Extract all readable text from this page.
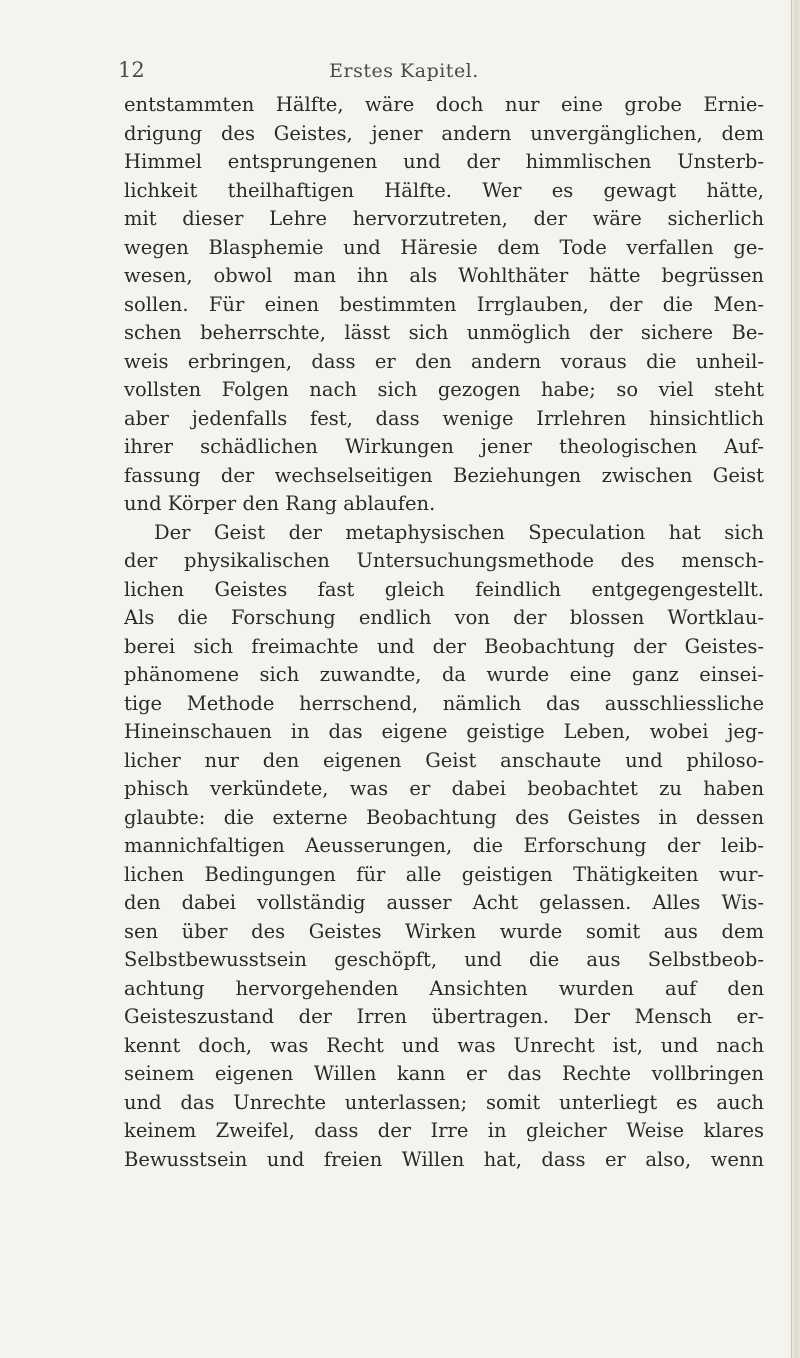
12	Erstes Kapitel.
entstammten Hälfte, wäre doch nur eine grobe Ernie-
drigung des Geistes, jener andern unvergänglichen, dem
Himmel entsprungenen und der himmlischen Unsterb-
lichkeit theilhaftigen Hälfte. Wer es gewagt hätte,
mit dieser Lehre hervorzutreten, der wäre sicherlich
wegen Blasphemie und Häresie dem Tode verfallen ge-
wesen, obwol man ihn als Wohlthäter hätte begrüssen
sollen. Für einen bestimmten Irrglauben, der die Men-
schen beherrschte, lässt sich unmöglich der sichere Be-
weis erbringen, dass er den andern voraus die unheil-
vollsten Folgen nach sich gezogen habe; so viel steht
aber jedenfalls fest, dass wenige Irrlehren hinsichtlich
ihrer schädlichen Wirkungen jener theologischen Auf-
fassung der wechselseitigen Beziehungen zwischen Geist
und Körper den Rang ablaufen.
Der Geist der metaphysischen Speculation hat sich
der physikalischen Untersuchungsmethode des mensch-
lichen Geistes fast gleich feindlich entgegengestellt.
Als die Forschung endlich von der blossen Wortklau-
berei sich freimachte und der Beobachtung der Geistes-
phänomene sich zuwandte, da wurde eine ganz einsei-
tige Methode herrschend, nämlich das ausschliessliche
Hineinschauen in das eigene geistige Leben, wobei jeg-
licher nur den eigenen Geist anschaute und philoso-
phisch verkündete, was er dabei beobachtet zu haben
glaubte: die externe Beobachtung des Geistes in dessen
mannichfaltigen Aeusserungen, die Erforschung der leib-
lichen Bedingungen für alle geistigen Thätigkeiten wur-
den dabei vollständig ausser Acht gelassen. Alles Wis-
sen über des Geistes Wirken wurde somit aus dem
Selbstbewusstsein geschöpft, und die aus Selbstbeob-
achtung hervorgehenden Ansichten wurden auf den
Geisteszustand der Irren übertragen. Der Mensch er-
kennt doch, was Recht und was Unrecht ist, und nach
seinem eigenen Willen kann er das Rechte vollbringen
und das Unrechte unterlassen; somit unterliegt es auch
keinem Zweifel, dass der Irre in gleicher Weise klares
Bewusstsein und freien Willen hat, dass er also, wenn
